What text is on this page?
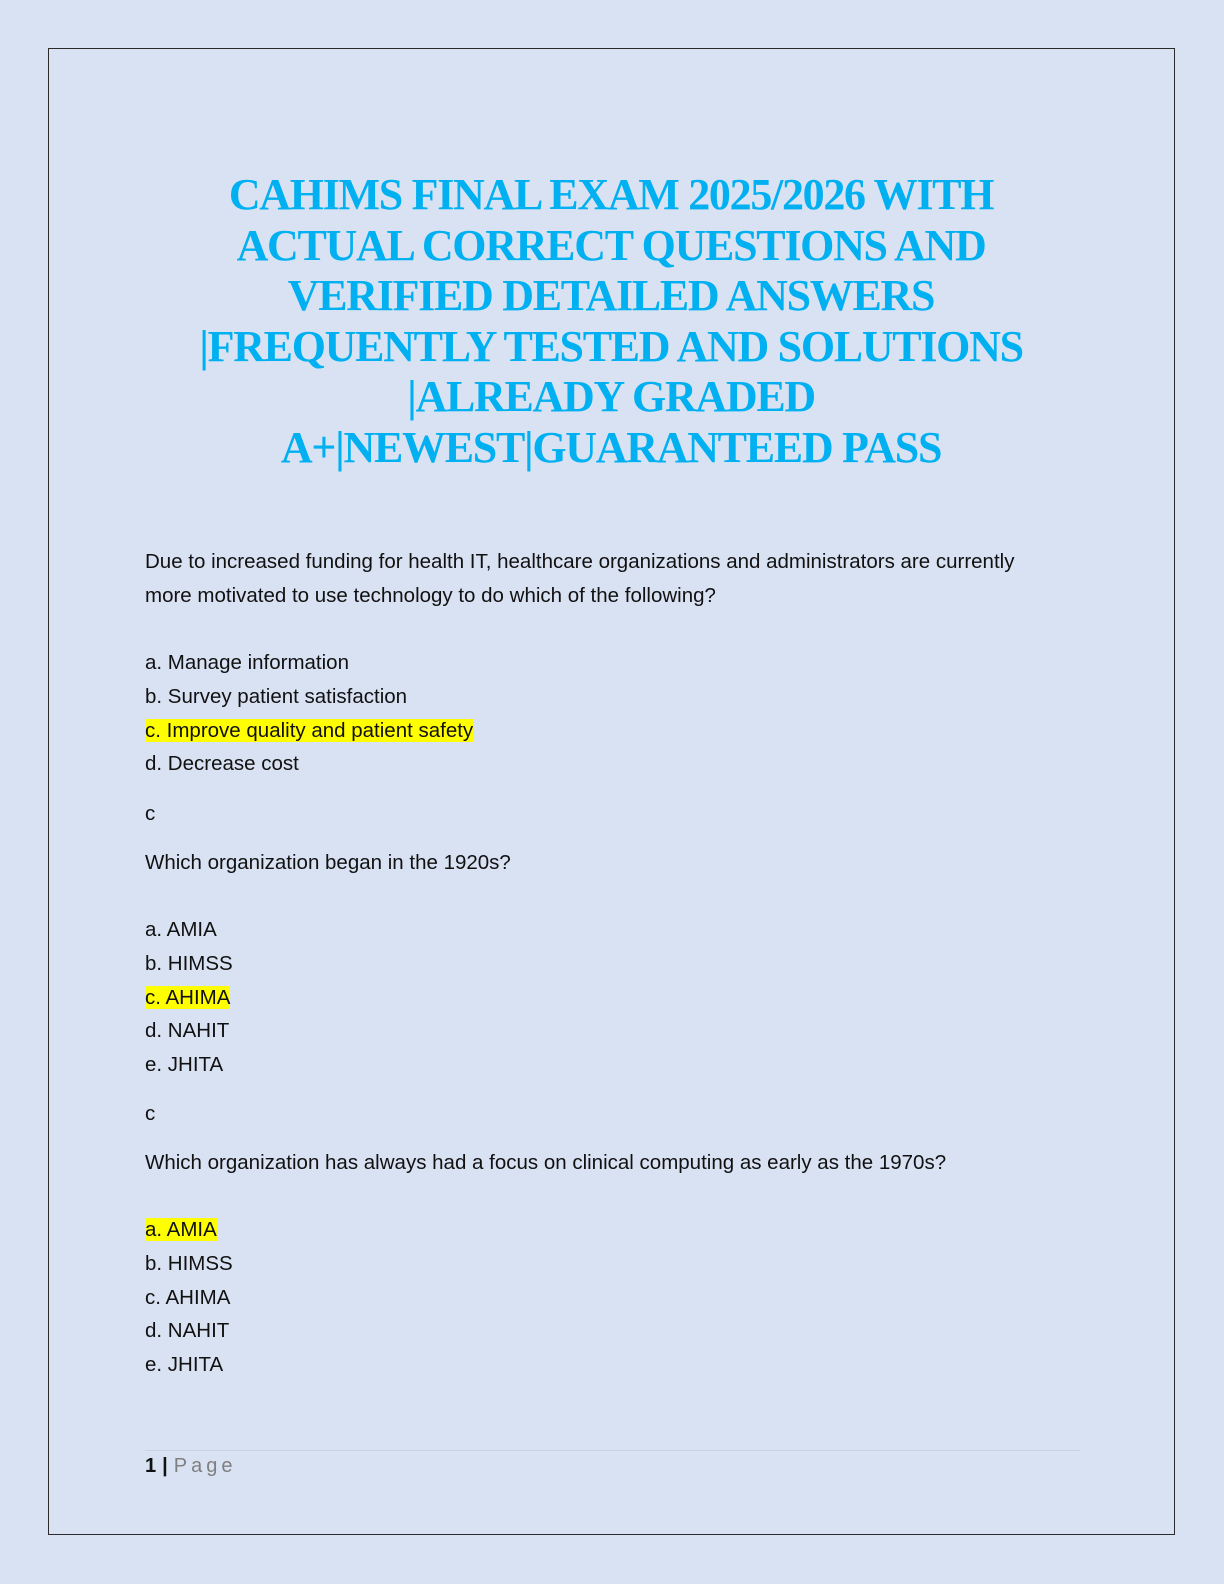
CAHIMS FINAL EXAM 2025/2026 WITH
ACTUAL CORRECT QUESTIONS AND
VERIFIED DETAILED ANSWERS
|FREQUENTLY TESTED AND SOLUTIONS
|ALREADY GRADED
A+|NEWEST|GUARANTEED PASS
Due to increased funding for health IT, healthcare organizations and administrators are currently
more motivated to use technology to do which of the following?
a. Manage information
b. Survey patient satisfaction
c. Improve quality and patient safety
d. Decrease cost
c
Which organization began in the 1920s?
a. AMIA
b. HIMSS
c. AHIMA
d. NAHIT
e. JHITA
c
Which organization has always had a focus on clinical computing as early as the 1970s?
a. AMIA
b. HIMSS
c. AHIMA
d. NAHIT
e. JHITA
1 | Page
